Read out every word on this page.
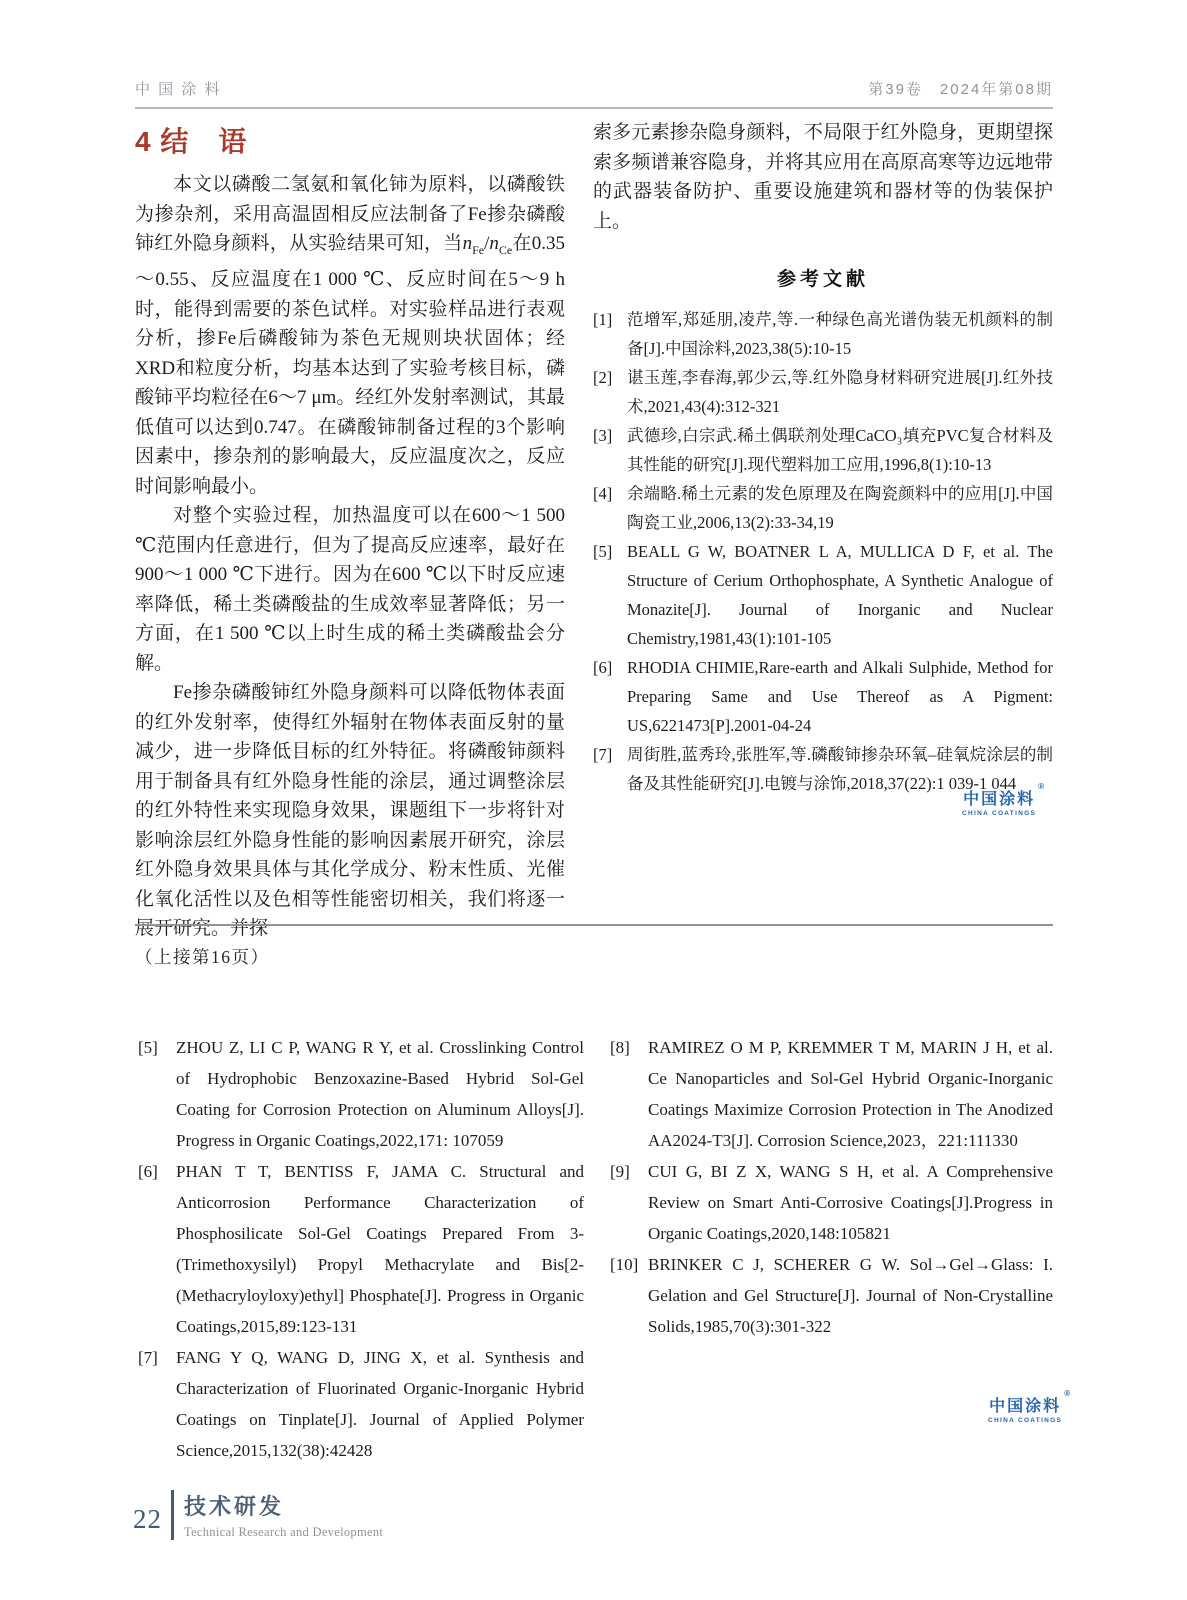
中 国 涂 料	第39卷　2024年第08期
4 结　语

本文以磷酸二氢氨和氧化铈为原料，以磷酸铁为掺杂剂，采用高温固相反应法制备了Fe掺杂磷酸铈红外隐身颜料，从实验结果可知，当$n_{Fe}/n_{Ce}$在0.35～0.55、反应温度在1 000 ℃、反应时间在5～9 h时，能得到需要的茶色试样。对实验样品进行表观分析，掺Fe后磷酸铈为茶色无规则块状固体；经XRD和粒度分析，均基本达到了实验考核目标，磷酸铈平均粒径在6～7 μm。经红外发射率测试，其最低值可以达到0.747。在磷酸铈制备过程的3个影响因素中，掺杂剂的影响最大，反应温度次之，反应时间影响最小。

对整个实验过程，加热温度可以在600～1 500 ℃范围内任意进行，但为了提高反应速率，最好在900～1 000 ℃下进行。因为在600 ℃以下时反应速率降低，稀土类磷酸盐的生成效率显著降低；另一方面，在1 500 ℃以上时生成的稀土类磷酸盐会分解。

Fe掺杂磷酸铈红外隐身颜料可以降低物体表面的红外发射率，使得红外辐射在物体表面反射的量减少，进一步降低目标的红外特征。将磷酸铈颜料用于制备具有红外隐身性能的涂层，通过调整涂层的红外特性来实现隐身效果，课题组下一步将针对影响涂层红外隐身性能的影响因素展开研究，涂层红外隐身效果具体与其化学成分、粉末性质、光催化氧化活性以及色相等性能密切相关，我们将逐一展开研究。并探

索多元素掺杂隐身颜料，不局限于红外隐身，更期望探索多频谱兼容隐身，并将其应用在高原高寒等边远地带的武器装备防护、重要设施建筑和器材等的伪装保护上。

参考文献
[1] 范增军,郑延朋,凌芹,等.一种绿色高光谱伪装无机颜料的制备[J].中国涂料,2023,38(5):10-15
[2] 谌玉莲,李春海,郭少云,等.红外隐身材料研究进展[J].红外技术,2021,43(4):312-321
[3] 武德珍,白宗武.稀土偶联剂处理CaCO₃填充PVC复合材料及其性能的研究[J].现代塑料加工应用,1996,8(1):10-13
[4] 余端略.稀土元素的发色原理及在陶瓷颜料中的应用[J].中国陶瓷工业,2006,13(2):33-34,19
[5] BEALL G W, BOATNER L A, MULLICA D F, et al. The Structure of Cerium Orthophosphate, A Synthetic Analogue of Monazite[J]. Journal of Inorganic and Nuclear Chemistry,1981,43(1):101-105
[6] RHODIA CHIMIE,Rare-earth and Alkali Sulphide, Method for Preparing Same and Use Thereof as A Pigment: US,6221473[P].2001-04-24
[7] 周街胜,蓝秀玲,张胜军,等.磷酸铈掺杂环氧–硅氧烷涂层的制备及其性能研究[J].电镀与涂饰,2018,37(22):1 039-1 044
中国涂料
®
CHINA COATINGS
（上接第16页）
[5]	ZHOU Z, LI C P, WANG R Y, et al. Crosslinking Control of Hydrophobic Benzoxazine-Based Hybrid Sol-Gel Coating for Corrosion Protection on Aluminum Alloys[J]. Progress in Organic Coatings,2022,171: 107059
[6]	PHAN T T, BENTISS F, JAMA C. Structural and Anticorrosion Performance Characterization of Phosphosilicate Sol-Gel Coatings Prepared From 3-(Trimethoxysilyl) Propyl Methacrylate and Bis[2-(Methacryloyloxy)ethyl] Phosphate[J]. Progress in Organic Coatings,2015,89:123-131
[7]	FANG Y Q, WANG D, JING X, et al. Synthesis and Characterization of Fluorinated Organic-Inorganic Hybrid Coatings on Tinplate[J]. Journal of Applied Polymer Science,2015,132(38):42428
[8]	RAMIREZ O M P, KREMMER T M, MARIN J H, et al. Ce Nanoparticles and Sol-Gel Hybrid Organic-Inorganic Coatings Maximize Corrosion Protection in The Anodized AA2024-T3[J]. Corrosion Science,2023，221:111330
[9]	CUI G, BI Z X, WANG S H, et al. A Comprehensive Review on Smart Anti-Corrosive Coatings[J].Progress in Organic Coatings,2020,148:105821
[10] BRINKER C J, SCHERER G W. Sol→Gel→Glass: I. Gelation and Gel Structure[J]. Journal of Non-Crystalline Solids,1985,70(3):301-322
中国涂料
®
CHINA COATINGS
22 技术研发
Technical Research and Development
